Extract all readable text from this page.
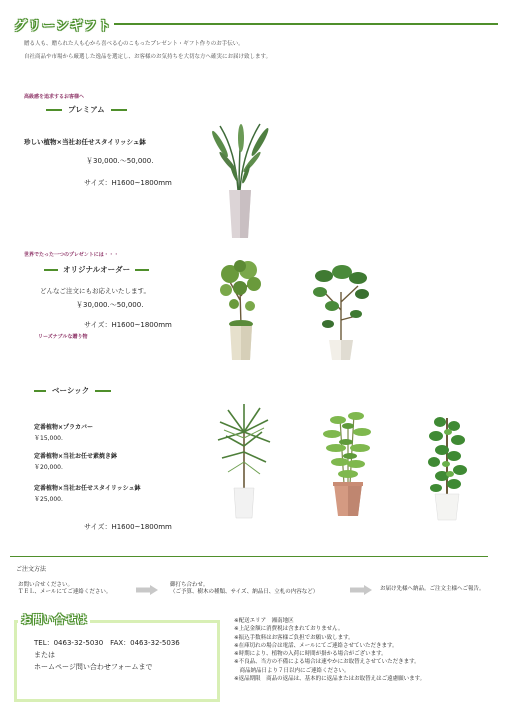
グリーンギフト
贈る人も、贈られた人も心から喜べる心のこもったプレゼント・ギフト作りのお手伝い。
自社商品や市場から厳選した逸品を選定し、お客様のお気持ちを大切な方へ確実にお届け致します。
高級感を追求するお客様へ
プレミアム
珍しい植物×当社お任せスタイリッシュ鉢
￥30,000.～50,000.
サイズ：H1600~1800mm
世界でたった一つのプレゼントには・・・
オリジナルオーダー
どんなご注文にもお応えいたします。
￥30,000.～50,000.
サイズ：H1600~1800mm
リーズナブルな贈り物
ベーシック
定番植物×プラカバー
￥15,000.
定番植物×当社お任せ素焼き鉢
￥20,000.
定番植物×当社お任せスタイリッシュ鉢
￥25,000.
サイズ：H1600~1800mm
ご注文方法
お問い合せください。
ＴＥＬ、メールにてご連絡ください。
御打ち合わせ。
（ご予算、樹木の種類、サイズ、納品日、立札の内容など）	お届け先様へ納品。ご注文主様へご報告。
お問い合せは
TEL：0463-32-5030　FAX：0463-32-5036
または
ホームページ問い合わせフォームまで
※配送エリア　湘南地区
※上記金額に消費税は含まれておりません。
※振込手数料はお客様ご負担でお願い致します。
※在庫切れの場合は電話、メールにてご連絡させていただきます。
※時期により、植物の入荷に時間が掛かる場合がございます。
※不良品、当方の不備による場合は速やかにお取替えさせていただきます。
　商品納品日より７日以内にご連絡ください。
※返品期限　商品の返品は、基本的に返品またはお取替えはご遠慮願います。
